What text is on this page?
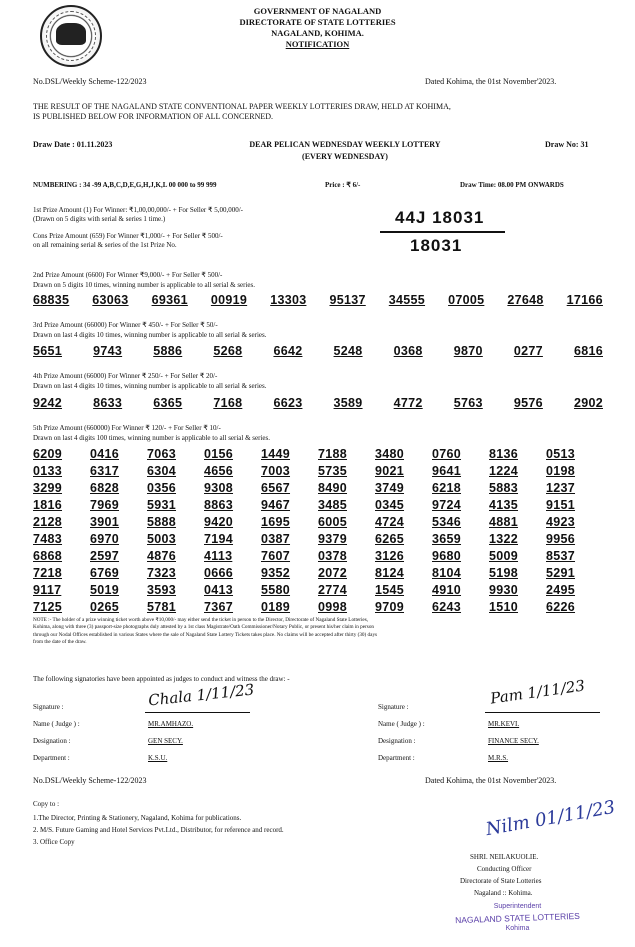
GOVERNMENT OF NAGALAND
DIRECTORATE OF STATE LOTTERIES
NAGALAND, KOHIMA.
NOTIFICATION
No.DSL/Weekly Scheme-122/2023	Dated Kohima, the 01st November'2023.
THE RESULT OF THE NAGALAND STATE CONVENTIONAL PAPER WEEKLY LOTTERIES DRAW, HELD AT KOHIMA,
IS PUBLISHED BELOW FOR INFORMATION OF ALL CONCERNED.
Draw Date : 01.11.2023	DEAR PELICAN WEDNESDAY WEEKLY LOTTERY
(EVERY WEDNESDAY)
Draw No: 31
NUMBERING : 34 -99 A,B,C,D,E,G,H,J,K,L 00 000 to 99 999	Price : ₹ 6/-	Draw Time: 08.00 PM ONWARDS
1st Prize Amount (1) For Winner: ₹1,00,00,000/- + For Seller ₹ 5,00,000/-
(Drawn on 5 digits with serial & series 1 time.)	44J 18031
Cons Prize Amount (659) For Winner ₹1,000/- + For Seller ₹ 500/-
on all remaining serial & series of the 1st Prize No.	18031
2nd Prize Amount (6600) For Winner ₹9,000/- + For Seller ₹ 500/-
Drawn on 5 digits 10 times, winning number is applicable to all serial & series.
68835 63063 69361 00919 13303 95137 34555 07005 27648 17166
3rd Prize Amount (66000) For Winner ₹ 450/- + For Seller ₹ 50/-
Drawn on last 4 digits 10 times, winning number is applicable to all serial & series.
5651 9743 5886 5268 6642 5248 0368 9870 0277 6816
4th Prize Amount (66000) For Winner ₹ 250/- + For Seller ₹ 20/-
Drawn on last 4 digits 10 times, winning number is applicable to all serial & series.
9242 8633 6365 7168 6623 3589 4772 5763 9576 2902
5th Prize Amount (660000) For Winner ₹ 120/- + For Seller ₹ 10/-
Drawn on last 4 digits 100 times, winning number is applicable to all serial & series.
6209	0416	7063	0156	1449	7188	3480	0760	8136	0513
0133	6317	6304	4656	7003	5735	9021	9641	1224	0198
3299	6828	0356	9308	6567	8490	3749	6218	5883	1237
1816	7969	5931	8863	9467	3485	0345	9724	4135	9151
2128	3901	5888	9420	1695	6005	4724	5346	4881	4923
7483	6970	5003	7194	0387	9379	6265	3659	1322	9956
6868	2597	4876	4113	7607	0378	3126	9680	5009	8537
7218	6769	7323	0666	9352	2072	8124	8104	5198	5291
9117	5019	3593	0413	5580	2774	1545	4910	9930	2495
7125	0265	5781	7367	0189	0998	9709	6243	1510	6226
NOTE :- The holder of a prize winning ticket worth above ₹10,000/- may either send the ticket in person to the Director, Directorate of Nagaland State Lotteries,
Kohima, along with three (3) passport-size photographs duly attested by a 1st class Magistrate/Oath Commissioner/Notary Public, or present his/her claim in person
through our Nodal Offices established in various States where the sale of Nagaland State Lottery Tickets takes place. No claims will be accepted after thirty (30) days
from the date of the draw.
The following signatories have been appointed as judges to conduct and witness the draw: -
Signature :	Chala 1/11/23
Name ( Judge ) :	MR.AMHAZO.
Designation :	GEN SECY.
Department :	K.S.U.
Signature :	Pam 1/11/23
Name ( Judge ) :	MR.KEVI.
Designation :	FINANCE SECY.
Department :	M.R.S.
No.DSL/Weekly Scheme-122/2023	Dated Kohima, the 01st November'2023.
Copy to :
1.The Director, Printing & Stationery, Nagaland, Kohima for publications.
2. M/S. Future Gaming and Hotel Services Pvt.Ltd., Distributor, for reference and record.
3. Office Copy
Nilm 01/11/23
SHRI. NEILAKUOLIE.
Conducting Officer
Directorate of State Lotteries
Nagaland :: Kohima.
Superintendent
NAGALAND STATE LOTTERIES
Kohima
